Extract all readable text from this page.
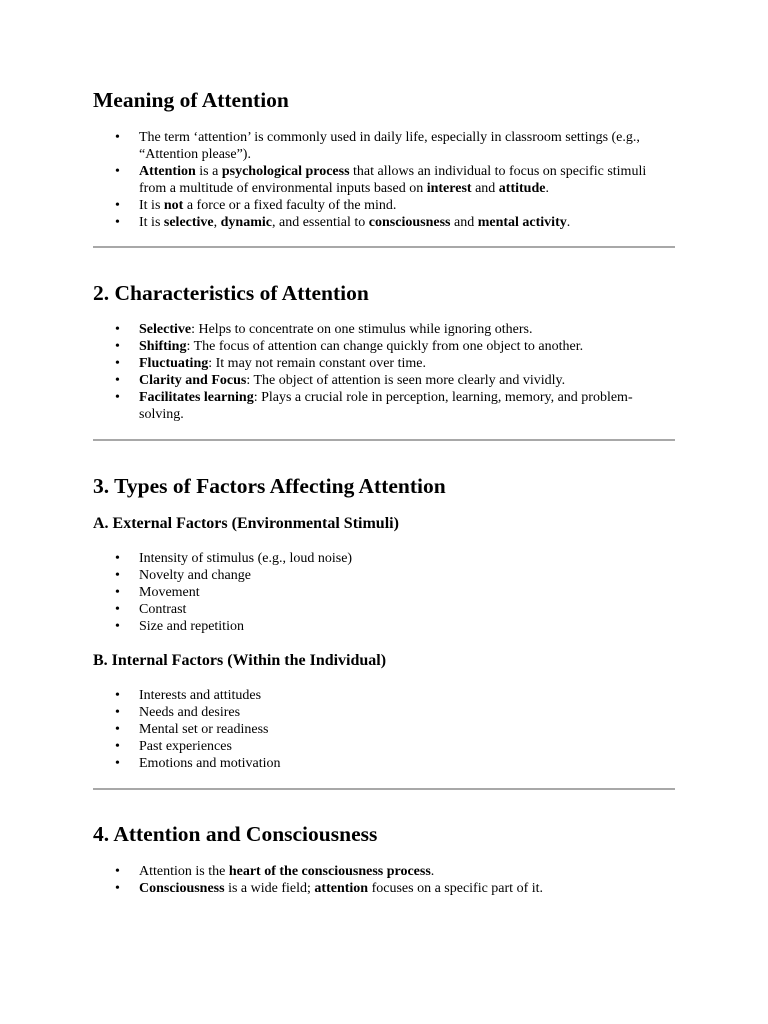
Meaning of Attention
• The term ‘attention’ is commonly used in daily life, especially in classroom settings (e.g., “Attention please”).
• Attention is a psychological process that allows an individual to focus on specific stimuli from a multitude of environmental inputs based on interest and attitude.
• It is not a force or a fixed faculty of the mind.
• It is selective, dynamic, and essential to consciousness and mental activity.
2. Characteristics of Attention
• Selective: Helps to concentrate on one stimulus while ignoring others.
• Shifting: The focus of attention can change quickly from one object to another.
• Fluctuating: It may not remain constant over time.
• Clarity and Focus: The object of attention is seen more clearly and vividly.
• Facilitates learning: Plays a crucial role in perception, learning, memory, and problem-solving.
3. Types of Factors Affecting Attention
A. External Factors (Environmental Stimuli)
• Intensity of stimulus (e.g., loud noise)
• Novelty and change
• Movement
• Contrast
• Size and repetition
B. Internal Factors (Within the Individual)
• Interests and attitudes
• Needs and desires
• Mental set or readiness
• Past experiences
• Emotions and motivation
4. Attention and Consciousness
• Attention is the heart of the consciousness process.
• Consciousness is a wide field; attention focuses on a specific part of it.
